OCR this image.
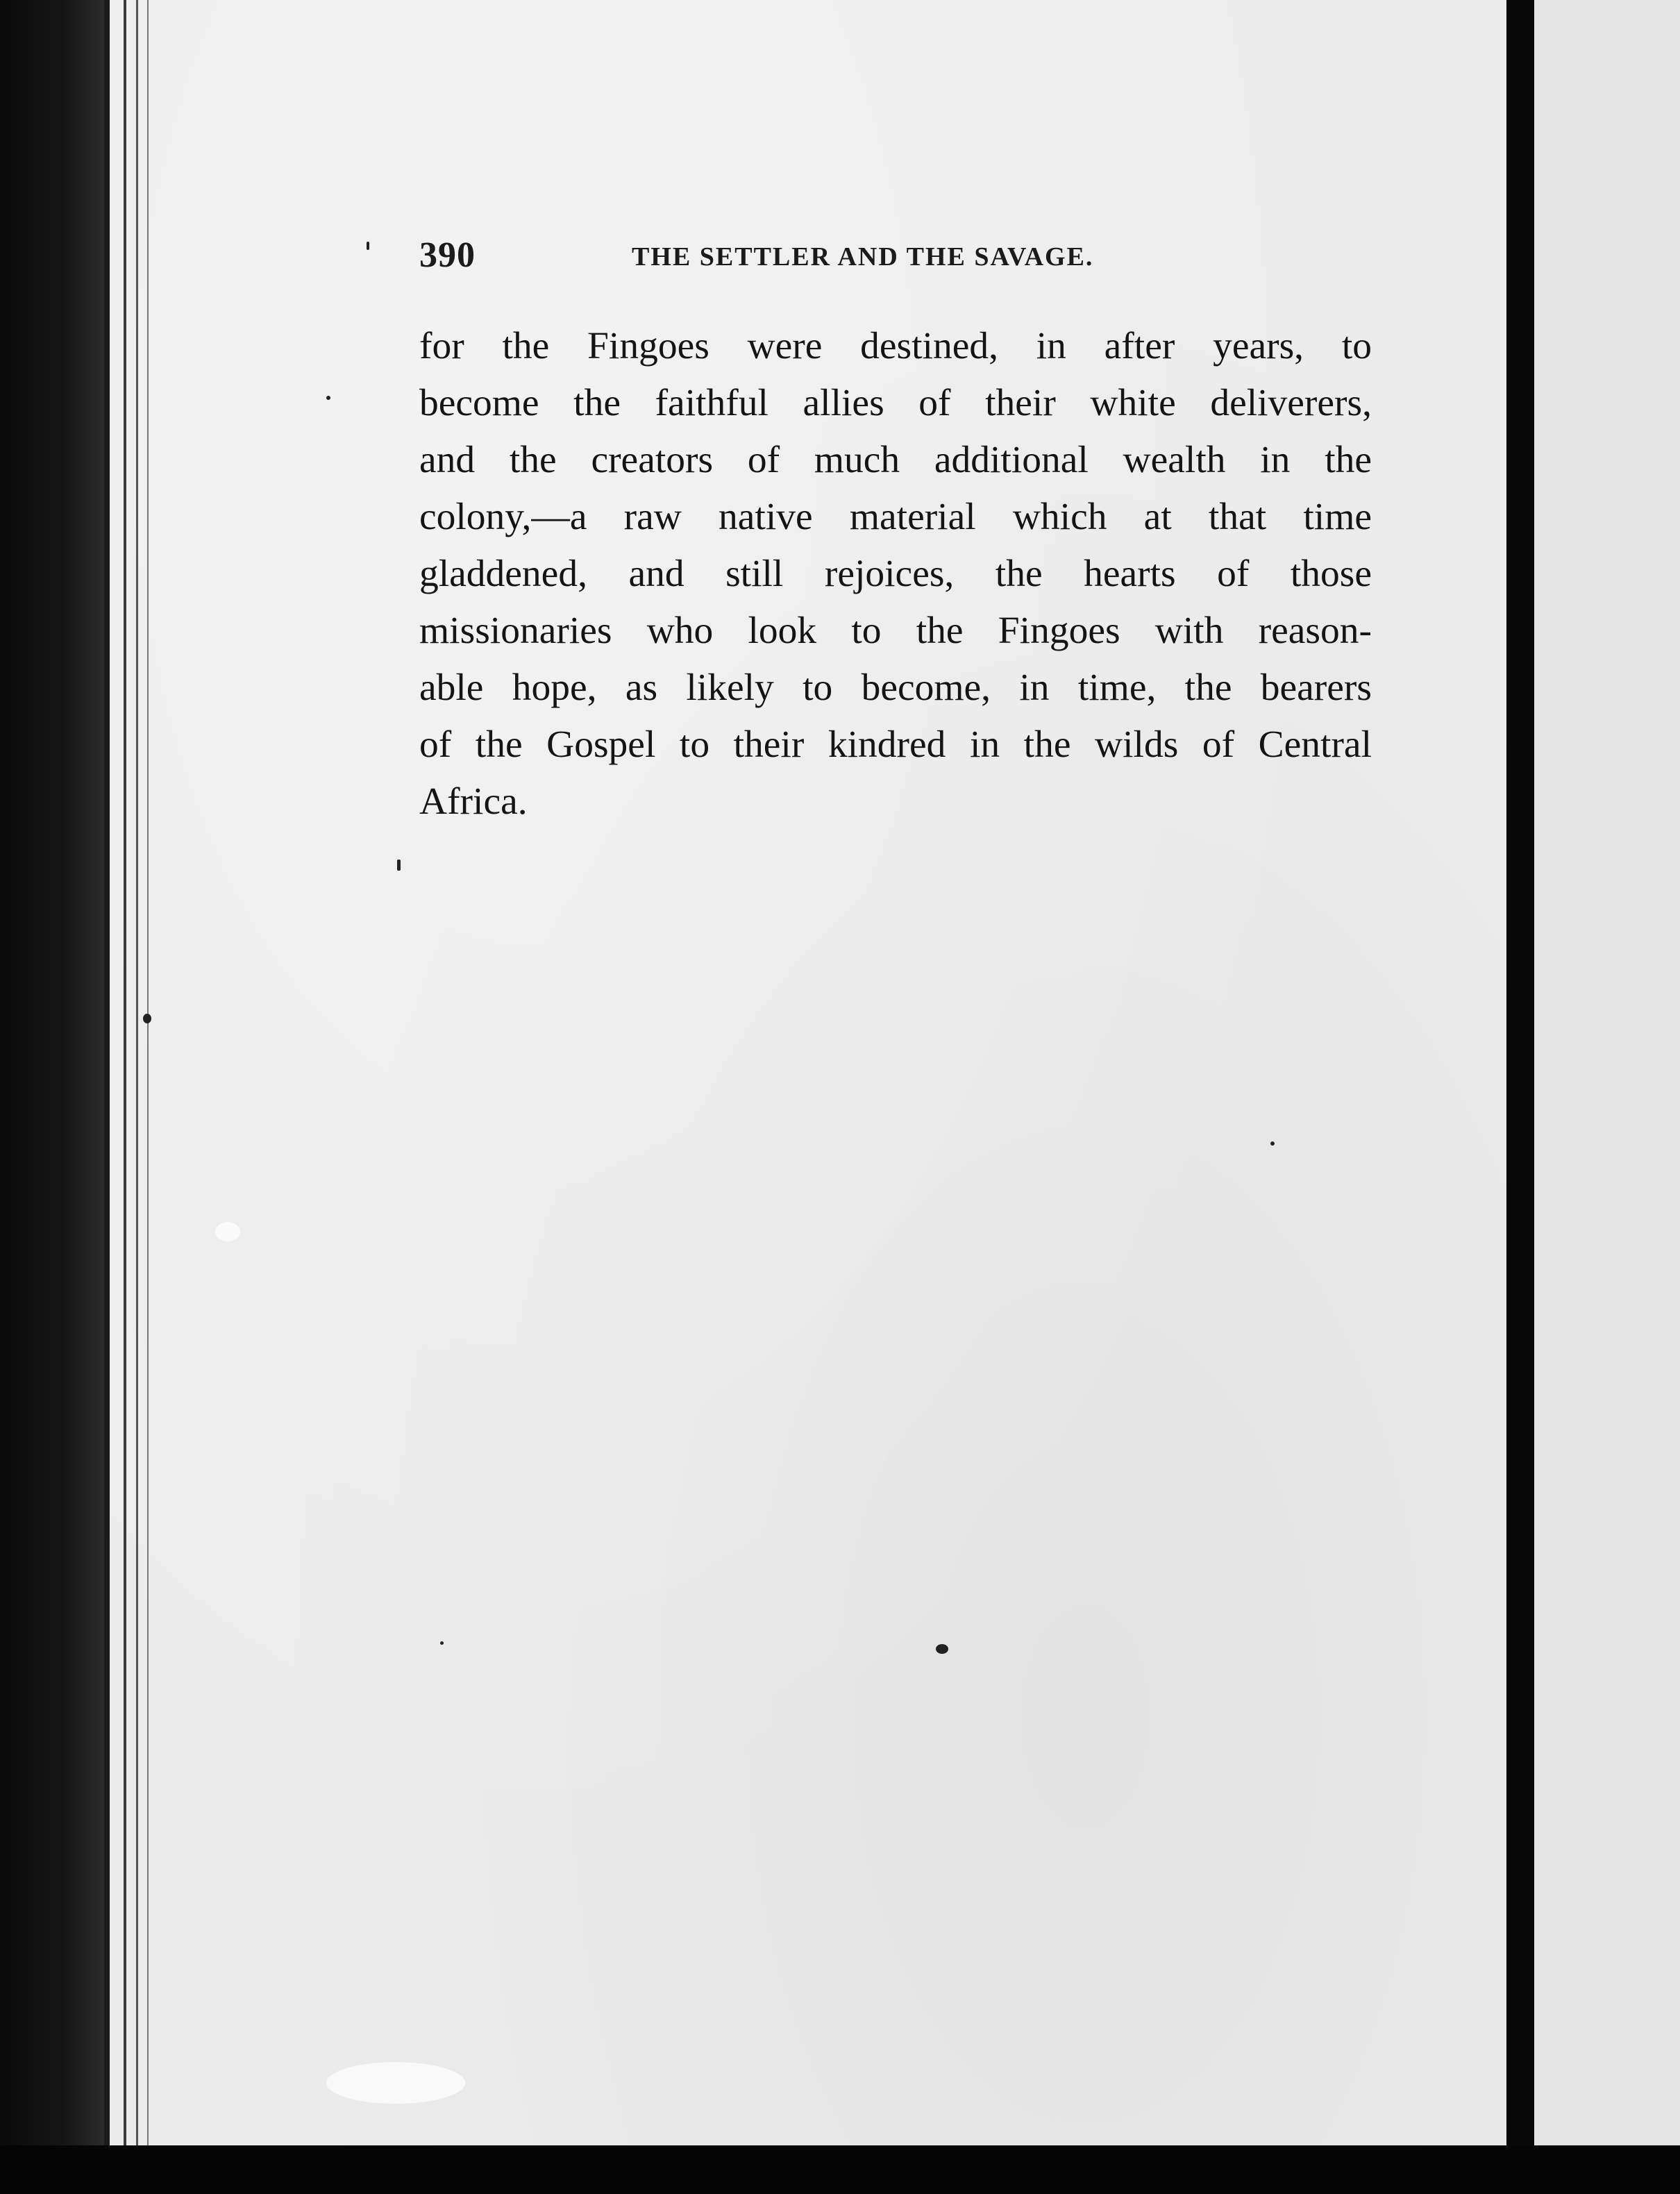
390	THE SETTLER AND THE SAVAGE.
for the Fingoes were destined, in after years, to
become the faithful allies of their white deliverers,
and the creators of much additional wealth in the
colony,—a raw native material which at that time
gladdened, and still rejoices, the hearts of those
missionaries who look to the Fingoes with reason-
able hope, as likely to become, in time, the bearers
of the Gospel to their kindred in the wilds of Central
Africa.
